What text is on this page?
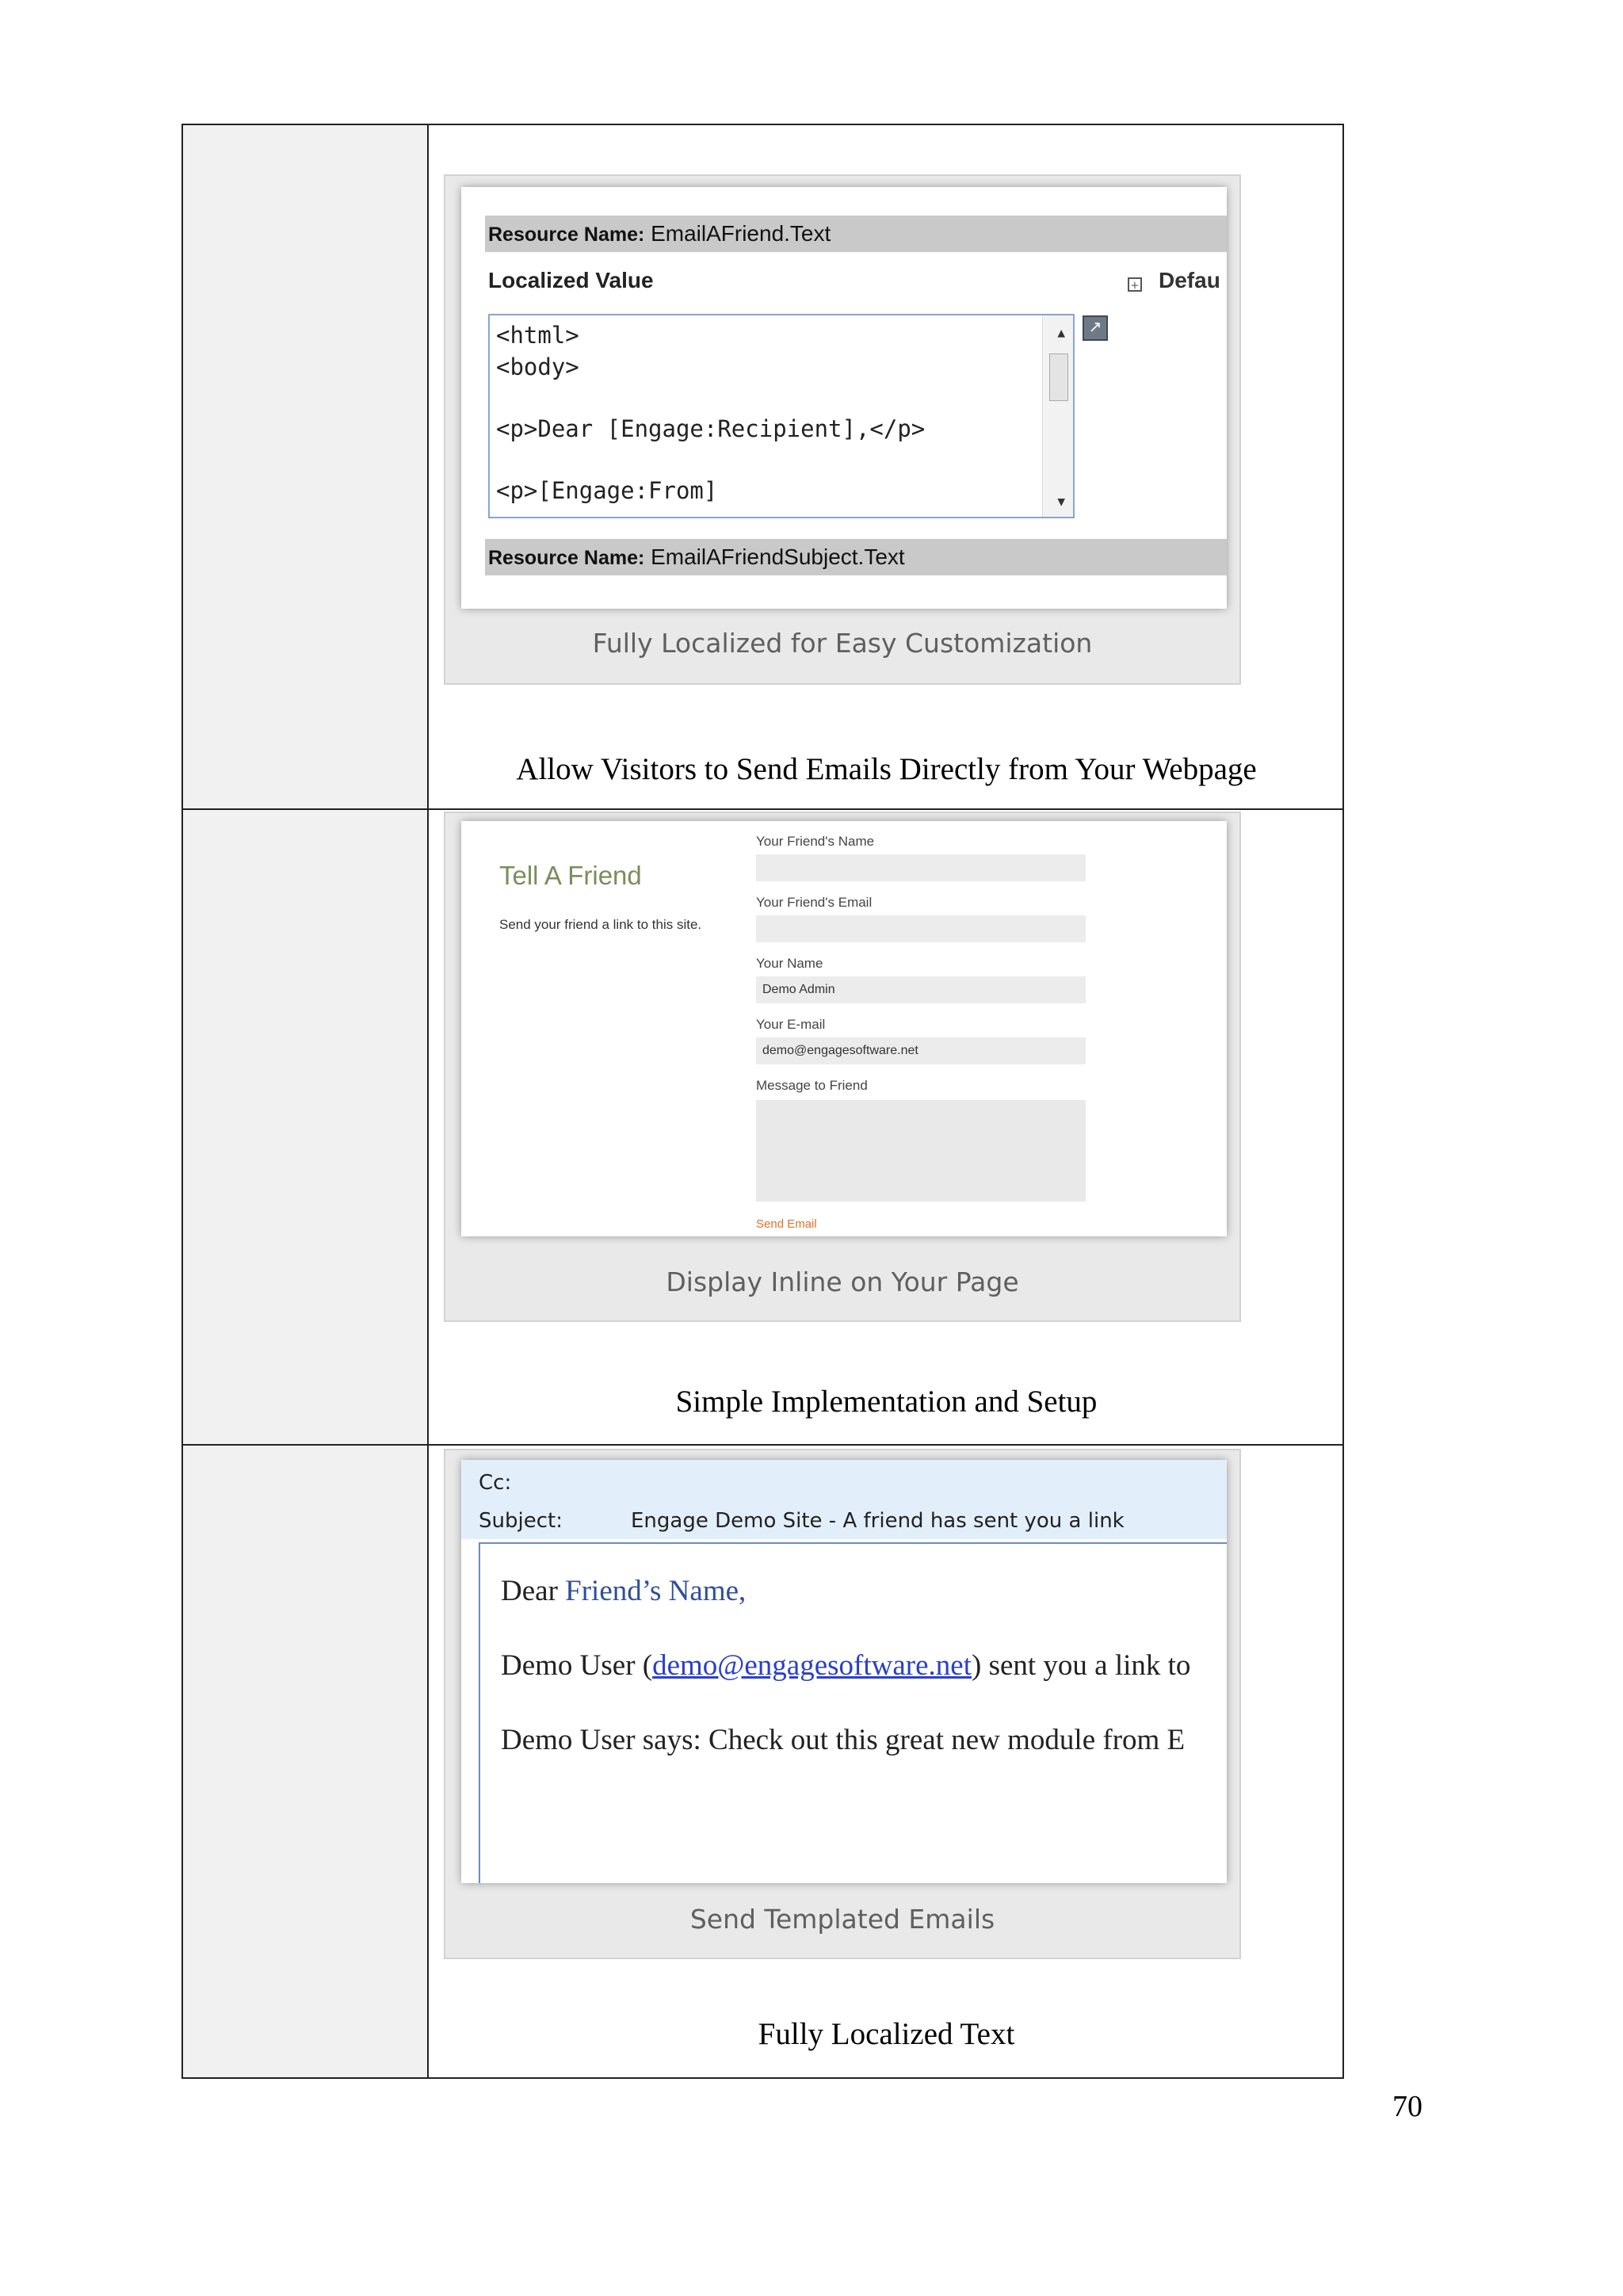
Resource Name: EmailAFriend.Text
Localized Value	+ Defau
<html>
<body>
<p>Dear [Engage:Recipient],</p>
<p>[Engage:From]
▲
▼
↗
Resource Name: EmailAFriendSubject.Text
Fully Localized for Easy Customization
Allow Visitors to Send Emails Directly from Your Webpage
Tell A Friend
Send your friend a link to this site.
Your Friend's Name
Your Friend's Email
Your Name
Demo Admin
Your E-mail
demo@engagesoftware.net
Message to Friend
Send Email
Display Inline on Your Page
Simple Implementation and Setup
Cc:
Subject:	Engage Demo Site - A friend has sent you a link
Dear Friend’s Name,
Demo User (demo@engagesoftware.net) sent you a link to
Demo User says: Check out this great new module from E
Send Templated Emails
Fully Localized Text
70
